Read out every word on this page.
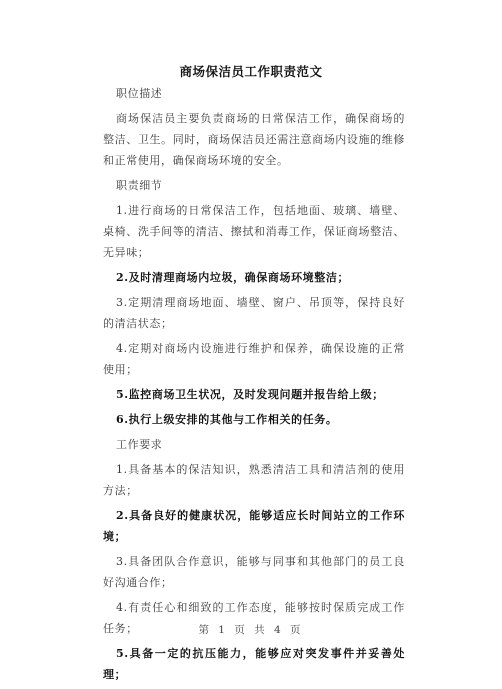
商场保洁员工作职责范文

职位描述

商场保洁员主要负责商场的日常保洁工作，确保商场的整洁、卫生。同时，商场保洁员还需注意商场内设施的维修和正常使用，确保商场环境的安全。

职责细节

1.进行商场的日常保洁工作，包括地面、玻璃、墙壁、桌椅、洗手间等的清洁、擦拭和消毒工作，保证商场整洁、无异味；

2.及时清理商场内垃圾，确保商场环境整洁；

3.定期清理商场地面、墙壁、窗户、吊顶等，保持良好的清洁状态；

4.定期对商场内设施进行维护和保养，确保设施的正常使用；

5.监控商场卫生状况，及时发现问题并报告给上级；

6.执行上级安排的其他与工作相关的任务。

工作要求

1.具备基本的保洁知识，熟悉清洁工具和清洁剂的使用方法；

2.具备良好的健康状况，能够适应长时间站立的工作环境；

3.具备团队合作意识，能够与同事和其他部门的员工良好沟通合作；

4.有责任心和细致的工作态度，能够按时保质完成工作任务；

5.具备一定的抗压能力，能够应对突发事件并妥善处理；

第 1 页 共 4 页
